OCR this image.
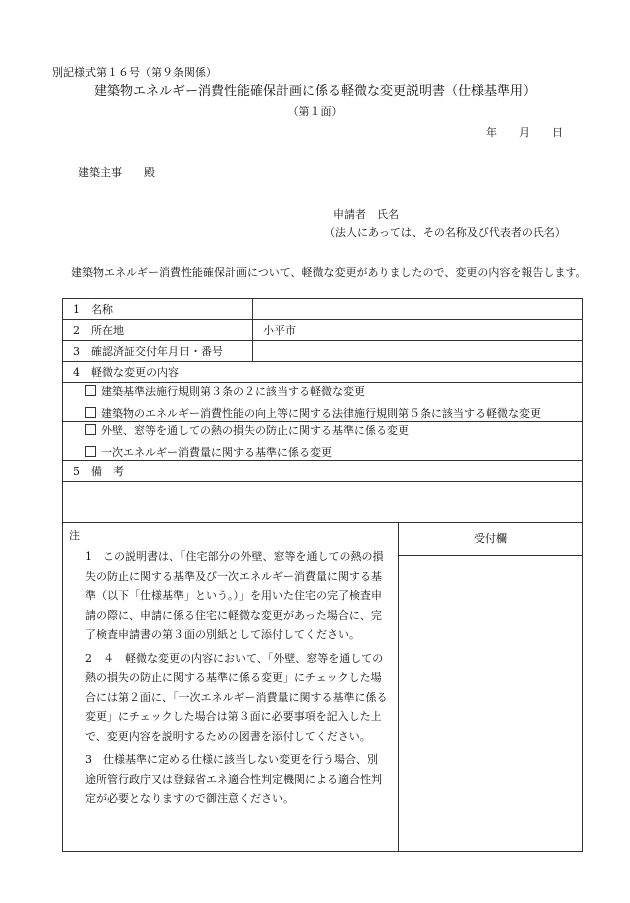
別記様式第１６号（第９条関係）
建築物エネルギー消費性能確保計画に係る軽微な変更説明書（仕様基準用）
（第１面）
年　　月　　日
建築主事　　殿
申請者　氏名
（法人にあっては、その名称及び代表者の氏名）
建築物エネルギー消費性能確保計画について、軽微な変更がありましたので、変更の内容を報告します。
1　名称		
2　所在地	小平市	
3　確認済証交付年月日・番号		
4　軽微な変更の内容		

建築基準法施行規則第３条の２に該当する軽微な変更
建築物のエネルギー消費性能の向上等に関する法律施行規則第５条に該当する軽微な変更		

外壁、窓等を通しての熱の損失の防止に関する基準に係る変更
一次エネルギー消費量に関する基準に係る変更		

5　備　考		

注
1　この説明書は、「住宅部分の外壁、窓等を通しての熱の損失の防止に関する基準及び一次エネルギー消費量に関する基準（以下「仕様基準」という。）」を用いた住宅の完了検査申請の際に、申請に係る住宅に軽微な変更があった場合に、完了検査申請書の第３面の別紙として添付してください。
2　４　軽微な変更の内容において、「外壁、窓等を通しての熱の損失の防止に関する基準に係る変更」にチェックした場合には第２面に、「一次エネルギー消費量に関する基準に係る変更」にチェックした場合は第３面に必要事項を記入した上で、変更内容を説明するための図書を添付してください。
3　仕様基準に定める仕様に該当しない変更を行う場合、別途所管行政庁又は登録省エネ適合性判定機関による適合性判定が必要となりますので御注意ください。		受付欄
